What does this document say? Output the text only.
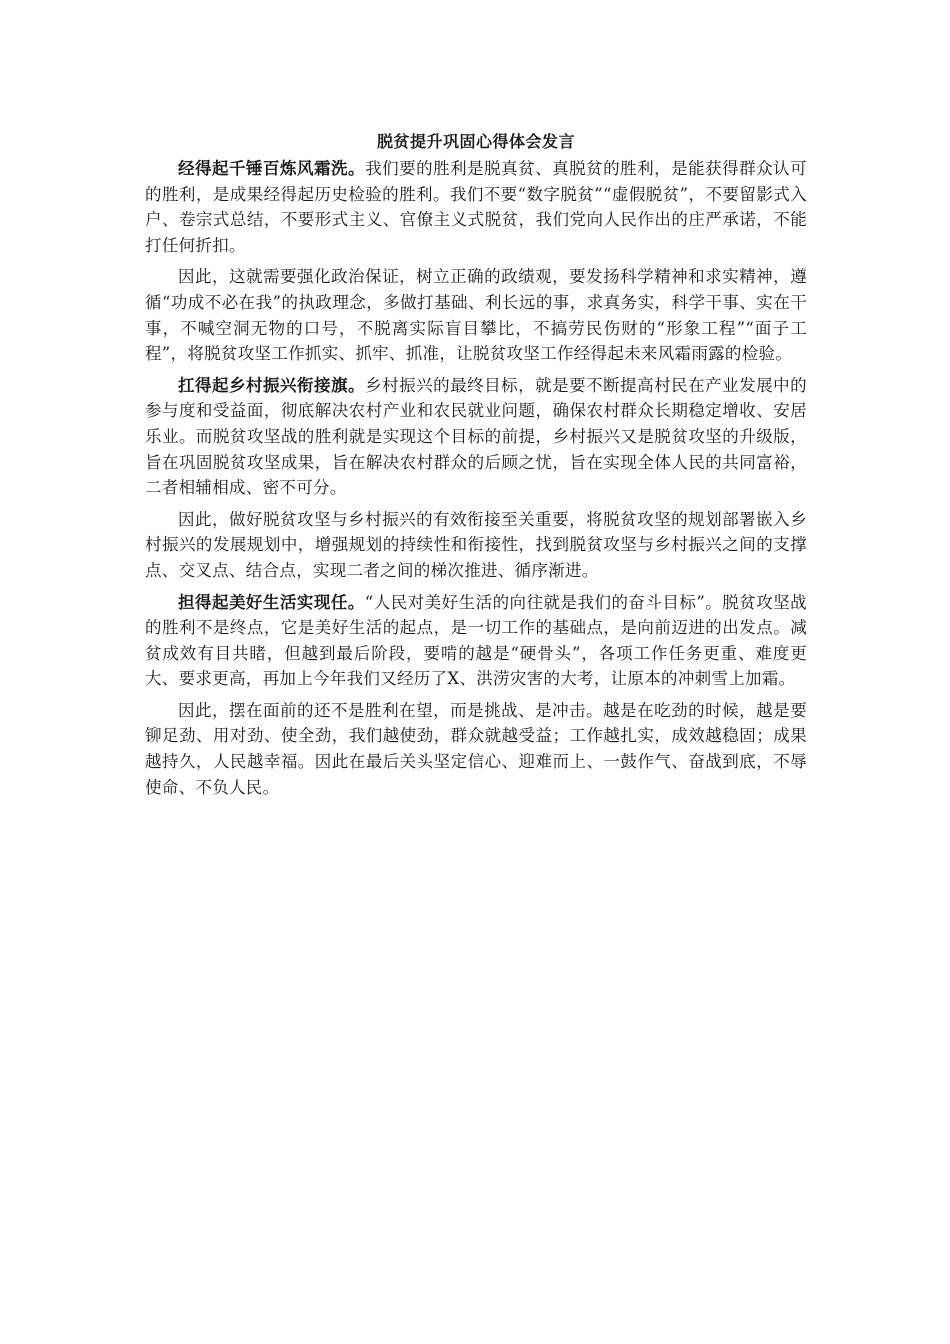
脱贫提升巩固心得体会发言

经得起千锤百炼风霜洗。我们要的胜利是脱真贫、真脱贫的胜利，是能获得群众认可的胜利，是成果经得起历史检验的胜利。我们不要“数字脱贫”“虚假脱贫”，不要留影式入户、卷宗式总结，不要形式主义、官僚主义式脱贫，我们党向人民作出的庄严承诺，不能打任何折扣。

因此，这就需要强化政治保证，树立正确的政绩观，要发扬科学精神和求实精神，遵循“功成不必在我”的执政理念，多做打基础、利长远的事，求真务实，科学干事、实在干事，不喊空洞无物的口号，不脱离实际盲目攀比，不搞劳民伤财的“形象工程”“面子工程”，将脱贫攻坚工作抓实、抓牢、抓准，让脱贫攻坚工作经得起未来风霜雨露的检验。

扛得起乡村振兴衔接旗。乡村振兴的最终目标，就是要不断提高村民在产业发展中的参与度和受益面，彻底解决农村产业和农民就业问题，确保农村群众长期稳定增收、安居乐业。而脱贫攻坚战的胜利就是实现这个目标的前提，乡村振兴又是脱贫攻坚的升级版，旨在巩固脱贫攻坚成果，旨在解决农村群众的后顾之忧，旨在实现全体人民的共同富裕，二者相辅相成、密不可分。

因此，做好脱贫攻坚与乡村振兴的有效衔接至关重要，将脱贫攻坚的规划部署嵌入乡村振兴的发展规划中，增强规划的持续性和衔接性，找到脱贫攻坚与乡村振兴之间的支撑点、交叉点、结合点，实现二者之间的梯次推进、循序渐进。

担得起美好生活实现任。“人民对美好生活的向往就是我们的奋斗目标”。脱贫攻坚战的胜利不是终点，它是美好生活的起点，是一切工作的基础点，是向前迈进的出发点。减贫成效有目共睹，但越到最后阶段，要啃的越是“硬骨头”，各项工作任务更重、难度更大、要求更高，再加上今年我们又经历了X、洪涝灾害的大考，让原本的冲刺雪上加霜。

因此，摆在面前的还不是胜利在望，而是挑战、是冲击。越是在吃劲的时候，越是要铆足劲、用对劲、使全劲，我们越使劲，群众就越受益；工作越扎实，成效越稳固；成果越持久，人民越幸福。因此在最后关头坚定信心、迎难而上、一鼓作气、奋战到底，不辱使命、不负人民。
